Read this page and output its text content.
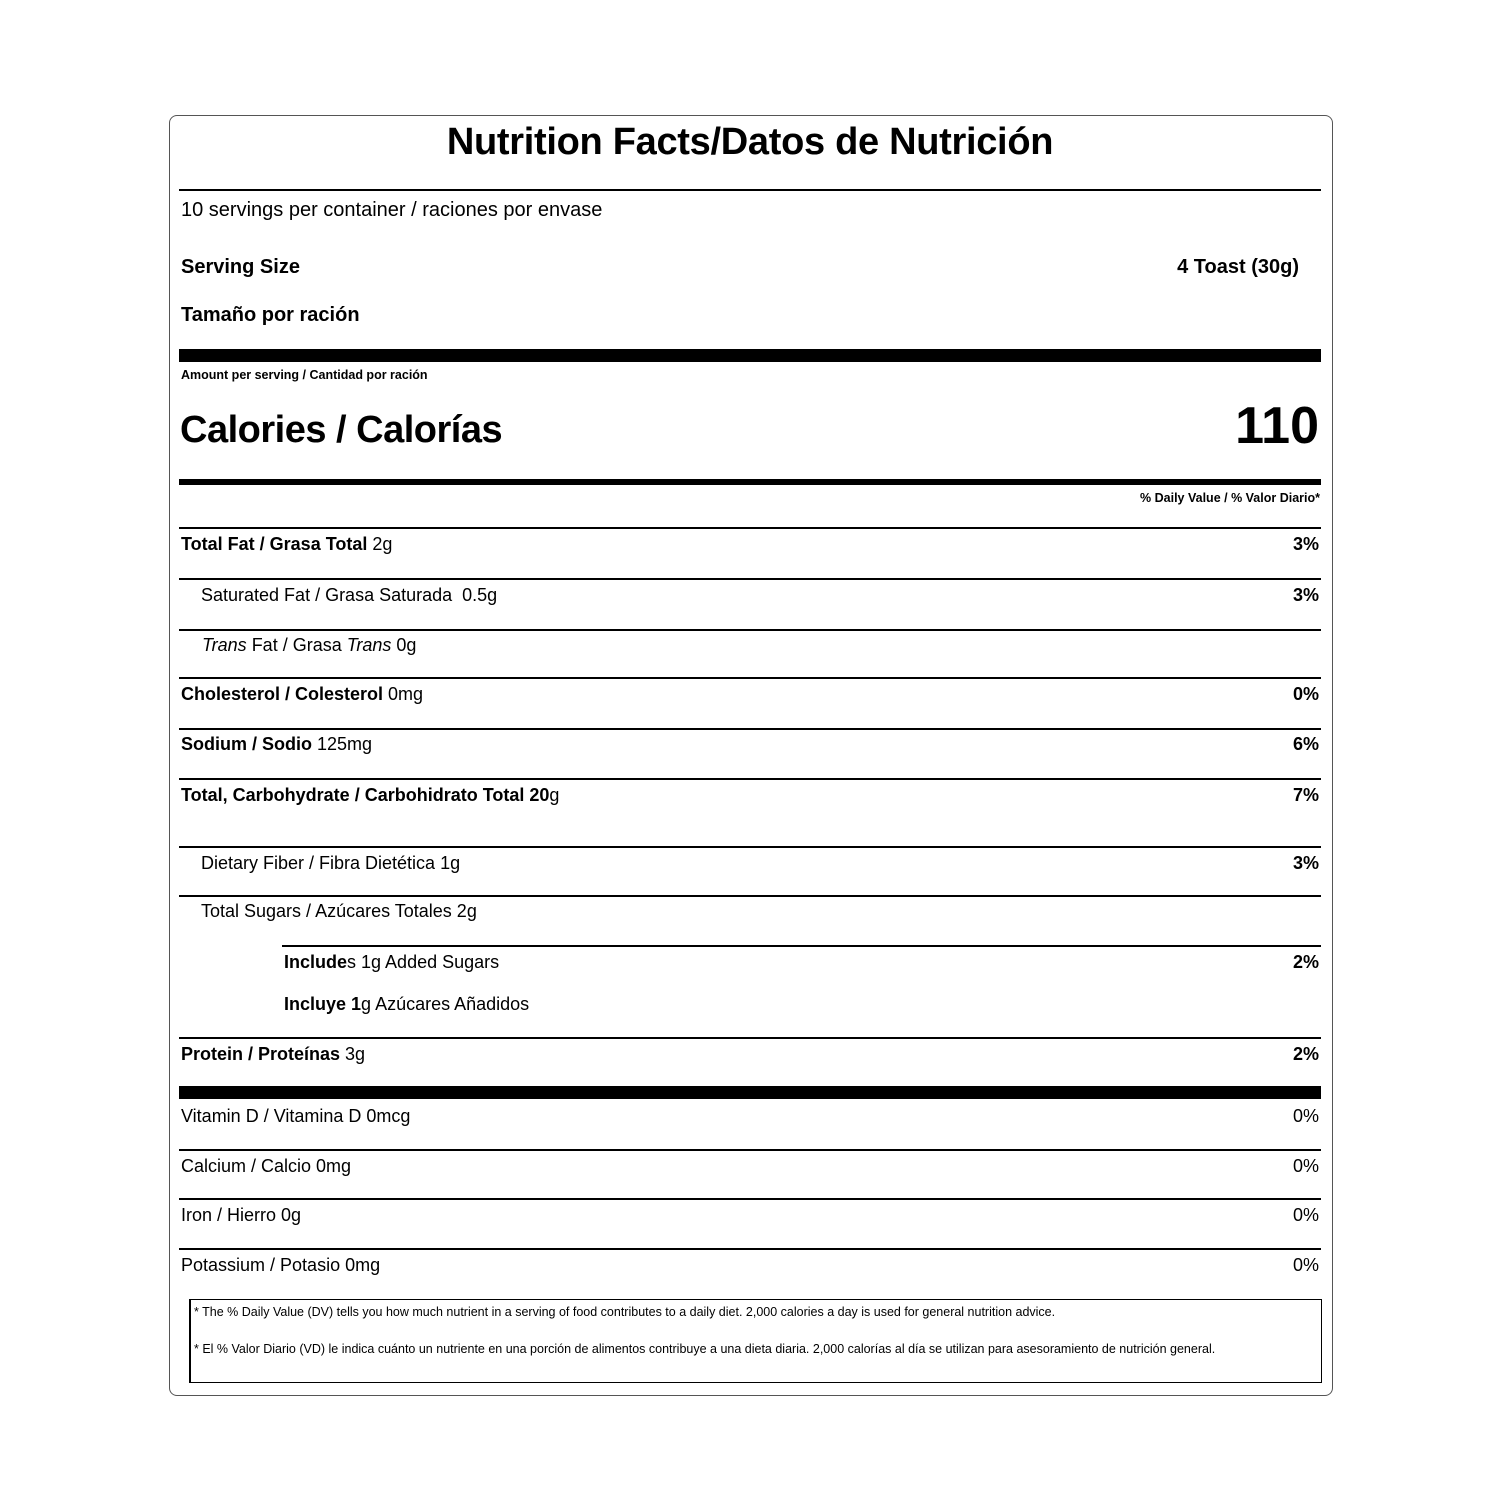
Nutrition Facts/Datos de Nutrición
10 servings per container / raciones por envase
Serving Size	4 Toast (30g)
Tamaño por ración
Amount per serving / Cantidad por ración
Calories / Calorías	110
% Daily Value / % Valor Diario*
Total Fat / Grasa Total 2g	3%
Saturated Fat / Grasa Saturada  0.5g	3%
Trans Fat / Grasa Trans 0g
Cholesterol / Colesterol 0mg	0%
Sodium / Sodio 125mg	6%
Total, Carbohydrate / Carbohidrato Total 20g	7%
Dietary Fiber / Fibra Dietética 1g	3%
Total Sugars / Azúcares Totales 2g
Includes 1g Added Sugars	2%
Incluye 1g Azúcares Añadidos
Protein / Proteínas 3g	2%
Vitamin D / Vitamina D 0mcg	0%
Calcium / Calcio 0mg	0%
Iron / Hierro 0g	0%
Potassium / Potasio 0mg	0%
* The % Daily Value (DV) tells you how much nutrient in a serving of food contributes to a daily diet. 2,000 calories a day is used for general nutrition advice.
* El % Valor Diario (VD) le indica cuánto un nutriente en una porción de alimentos contribuye a una dieta diaria. 2,000 calorías al día se utilizan para asesoramiento de nutrición general.
